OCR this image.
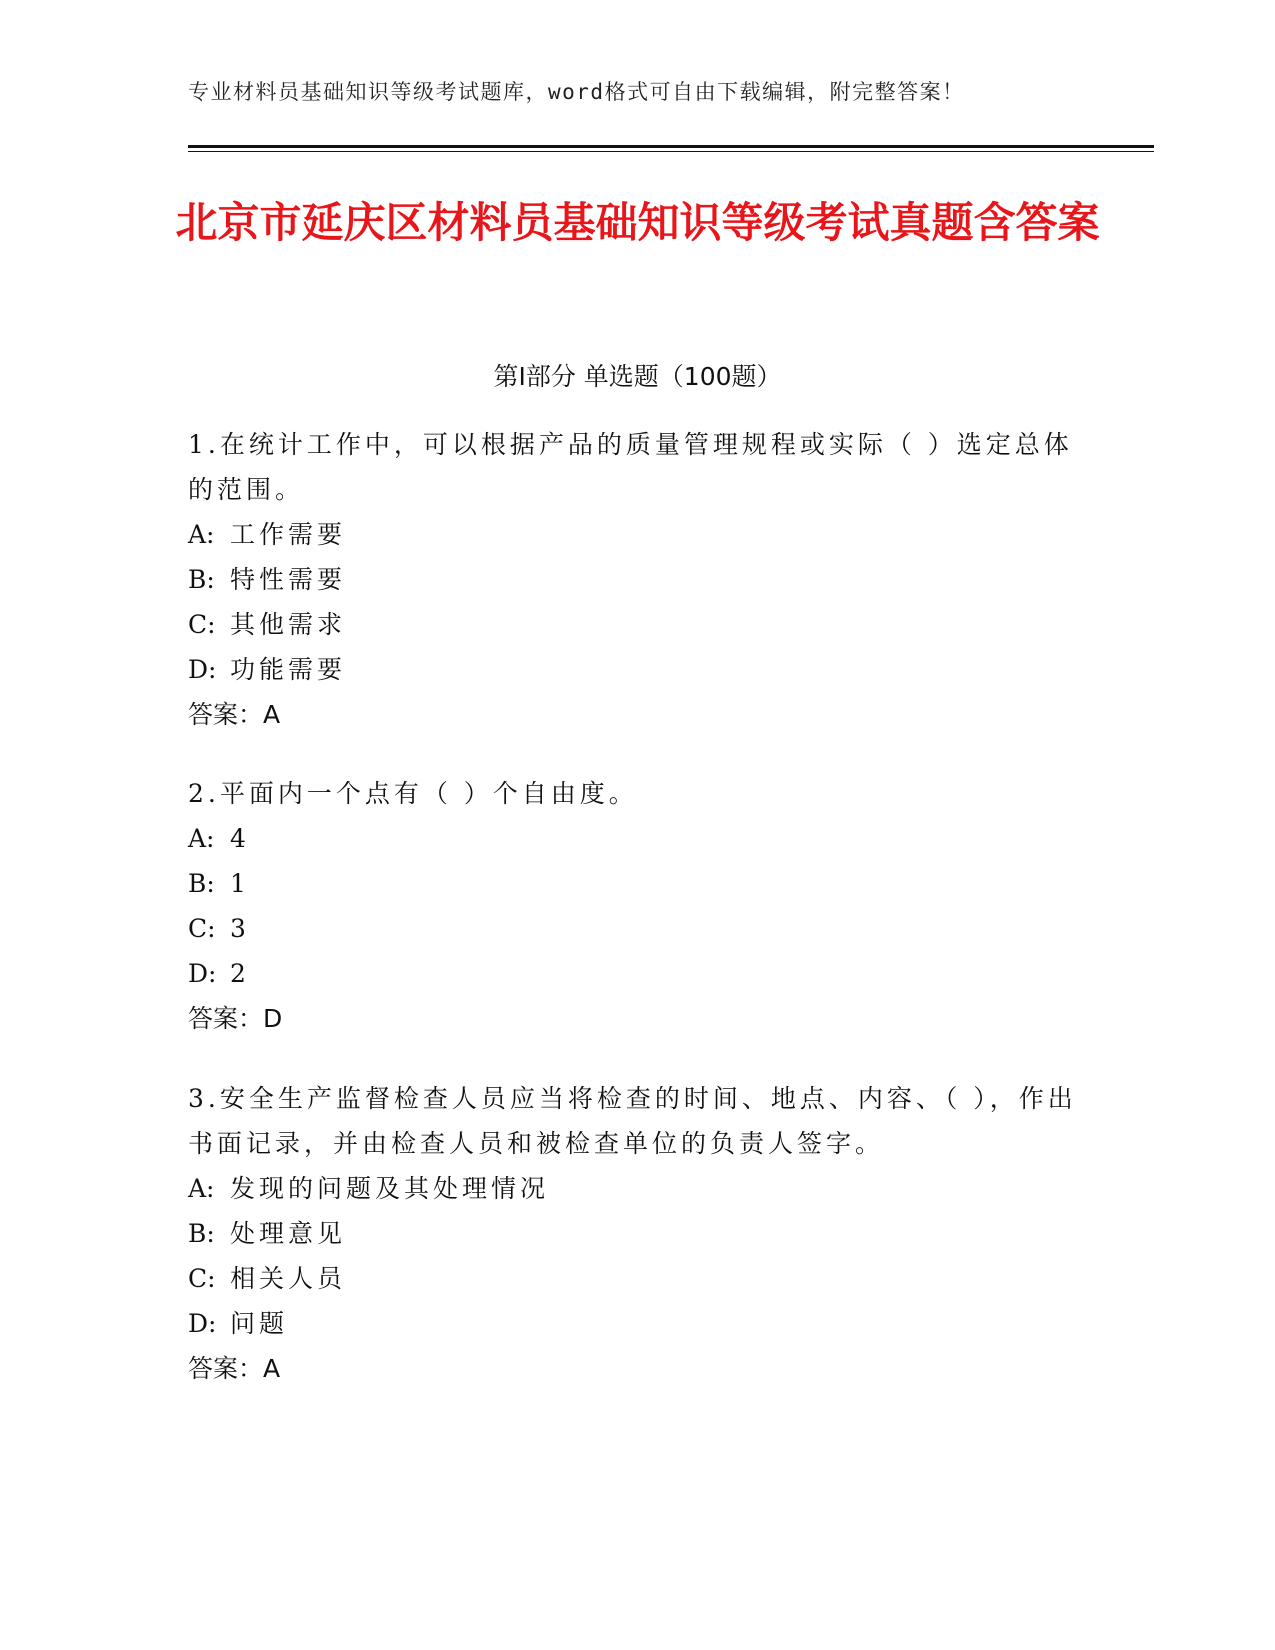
专业材料员基础知识等级考试题库，word格式可自由下载编辑，附完整答案！
北京市延庆区材料员基础知识等级考试真题含答案
第Ⅰ部分 单选题（100题）

1.在统计工作中，可以根据产品的质量管理规程或实际（ ）选定总体的范围。

A: 工作需要

B: 特性需要

C: 其他需求

D: 功能需要

答案：A

2.平面内一个点有（ ）个自由度。

A: 4

B: 1

C: 3

D: 2

答案：D

3.安全生产监督检查人员应当将检查的时间、地点、内容、（ ），作出书面记录，并由检查人员和被检查单位的负责人签字。

A: 发现的问题及其处理情况

B: 处理意见

C: 相关人员

D: 问题

答案：A
